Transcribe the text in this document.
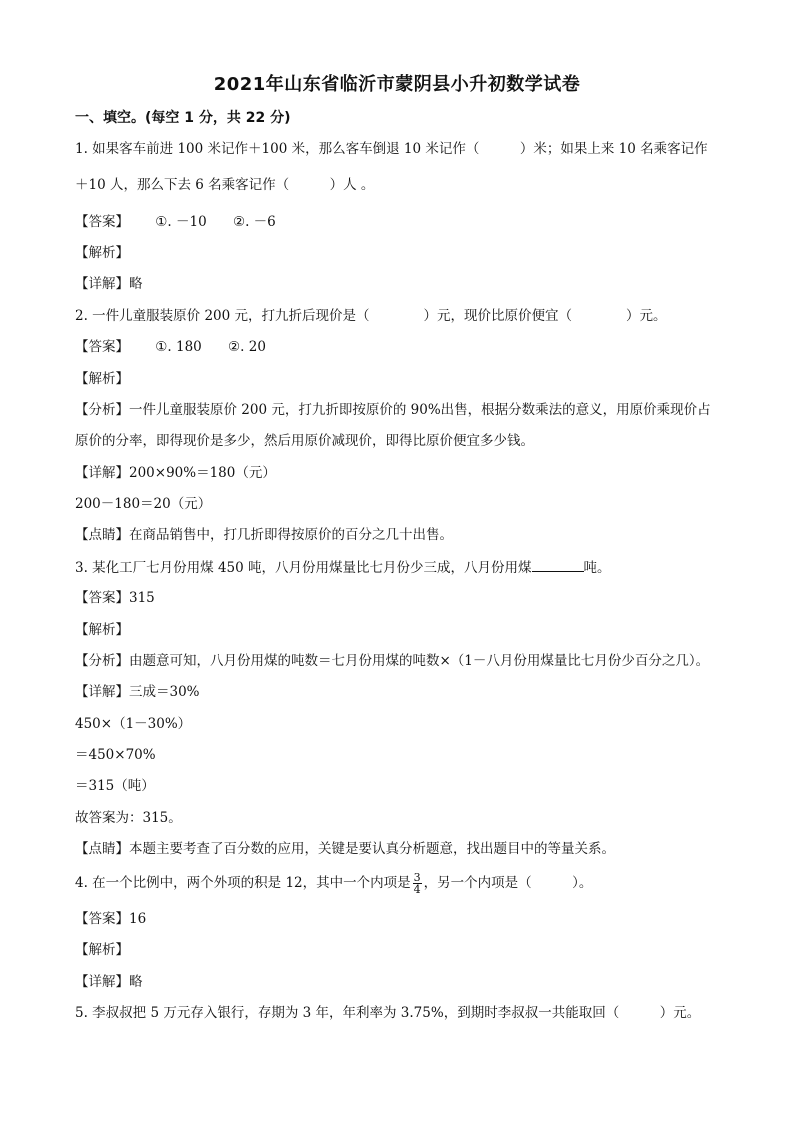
2021年山东省临沂市蒙阴县小升初数学试卷
一、填空。(每空 1 分，共 22 分)
1. 如果客车前进 100 米记作＋100 米，那么客车倒退 10 米记作（　　　）米；如果上来 10 名乘客记作
＋10 人，那么下去 6 名乘客记作（　　　）人 。
【答案】 ①. －10 ②. －6
【解析】
【详解】略
2. 一件儿童服装原价 200 元，打九折后现价是（　　　　）元，现价比原价便宜（　　　　）元。
【答案】 ①. 180 ②. 20
【解析】
【分析】一件儿童服装原价 200 元，打九折即按原价的 90%出售，根据分数乘法的意义，用原价乘现价占
原价的分率，即得现价是多少，然后用原价减现价，即得比原价便宜多少钱。
【详解】200×90%＝180（元）
200－180＝20（元）
【点睛】在商品销售中，打几折即得按原价的百分之几十出售。
3. 某化工厂七月份用煤 450 吨，八月份用煤量比七月份少三成，八月份用煤	吨。
【答案】315
【解析】
【分析】由题意可知，八月份用煤的吨数＝七月份用煤的吨数×（1－八月份用煤量比七月份少百分之几）。
【详解】三成＝30%
450×（1－30%）
＝450×70%
＝315（吨）
故答案为：315。
【点睛】本题主要考查了百分数的应用，关键是要认真分析题意，找出题目中的等量关系。
4. 在一个比例中，两个外项的积是 12，其中一个内项是 $\frac{3}{4}$ ，另一个内项是（　　　）。
【答案】16
【解析】
【详解】略
5. 李叔叔把 5 万元存入银行，存期为 3 年，年利率为 3.75%，到期时李叔叔一共能取回（　　　）元。
